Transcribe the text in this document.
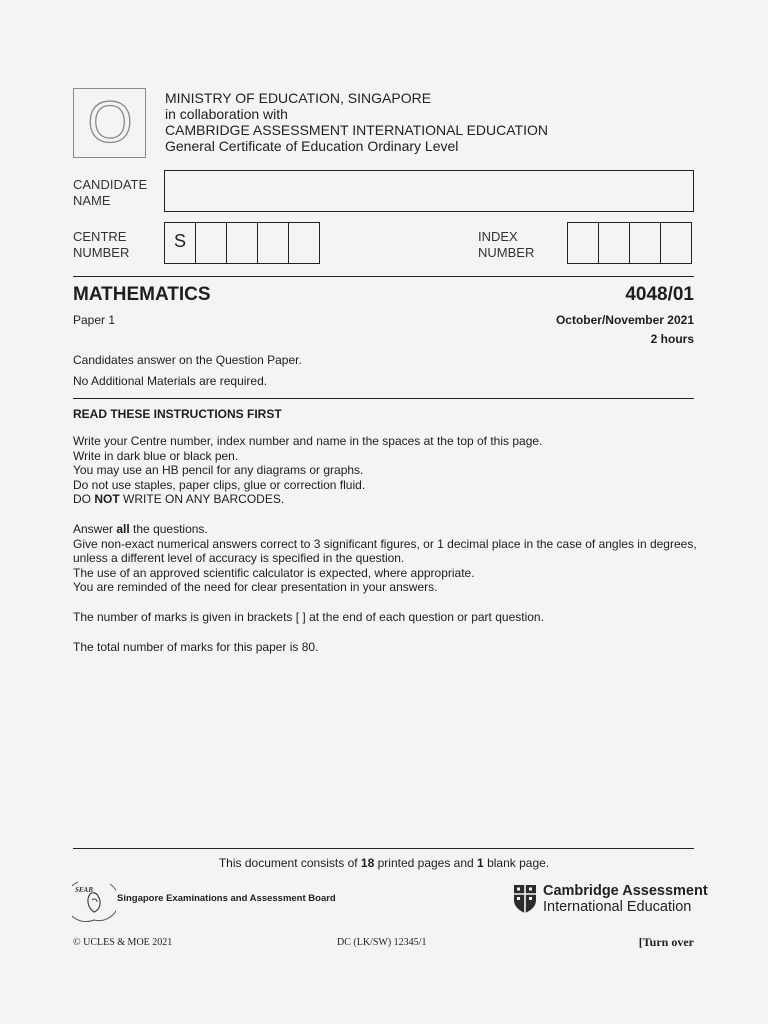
O MINISTRY OF EDUCATION, SINGAPORE
in collaboration with
CAMBRIDGE ASSESSMENT INTERNATIONAL EDUCATION
General Certificate of Education Ordinary Level
CANDIDATE
NAME
CENTRE
NUMBER
S	INDEX
NUMBER
MATHEMATICS	4048/01
Paper 1	October/November 2021
2 hours
Candidates answer on the Question Paper.
No Additional Materials are required.
READ THESE INSTRUCTIONS FIRST

Write your Centre number, index number and name in the spaces at the top of this page.

Write in dark blue or black pen.

You may use an HB pencil for any diagrams or graphs.

Do not use staples, paper clips, glue or correction fluid.

DO NOT WRITE ON ANY BARCODES.

Answer all the questions.

Give non-exact numerical answers correct to 3 significant figures, or 1 decimal place in the case of angles in degrees, unless a different level of accuracy is specified in the question.

The use of an approved scientific calculator is expected, where appropriate.

You are reminded of the need for clear presentation in your answers.

The number of marks is given in brackets [ ] at the end of each question or part question.
The total number of marks for this paper is 80.
This document consists of 18 printed pages and 1 blank page.
SEAB
Singapore Examinations and Assessment Board	Cambridge Assessment
International Education
© UCLES & MOE 2021	DC (LK/SW) 12345/1	[Turn over
